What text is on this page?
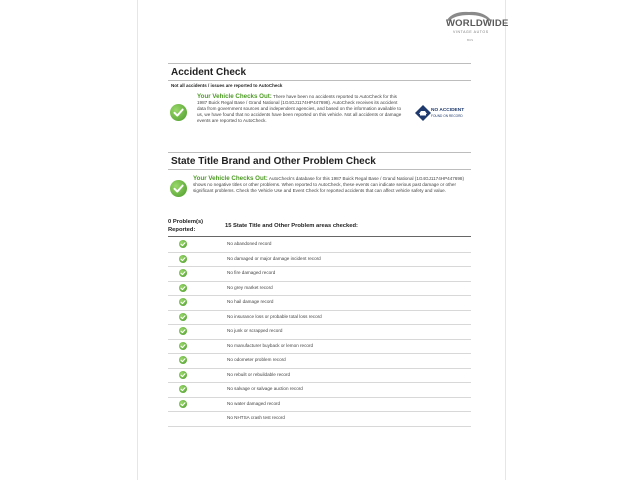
WORLDWIDE
VINTAGE AUTOS
BUS
Accident Check
Not all accidents / issues are reported to AutoCheck
Your Vehicle Checks Out: There have been no accidents reported to AutoCheck for this 1987 Buick Regal Base / Grand National (1G4GJ1174HP447698). AutoCheck receives its accident data from government sources and independent agencies, and based on the information available to us, we have found that no accidents have been reported on this vehicle. Not all accidents or damage events are reported to AutoCheck.
NO ACCIDENT
FOUND ON RECORD
State Title Brand and Other Problem Check
Your Vehicle Checks Out: AutoCheck's database for this 1987 Buick Regal Base / Grand National (1G4GJ1174HP447698) shows no negative titles or other problems. When reported to AutoCheck, these events can indicate serious past damage or other significant problems. Check the Vehicle Use and Event Check for reported accidents that can affect vehicle safety and value.
0 Problem(s)
Reported:
15 State Title and Other Problem areas checked:
No abandoned record
No damaged or major damage incident record
No fire damaged record
No grey market record
No hail damage record
No insurance loss or probable total loss record
No junk or scrapped record
No manufacturer buyback or lemon record
No odometer problem record
No rebuilt or rebuildable record
No salvage or salvage auction record
No water damaged record
No NHTSA crash test record
